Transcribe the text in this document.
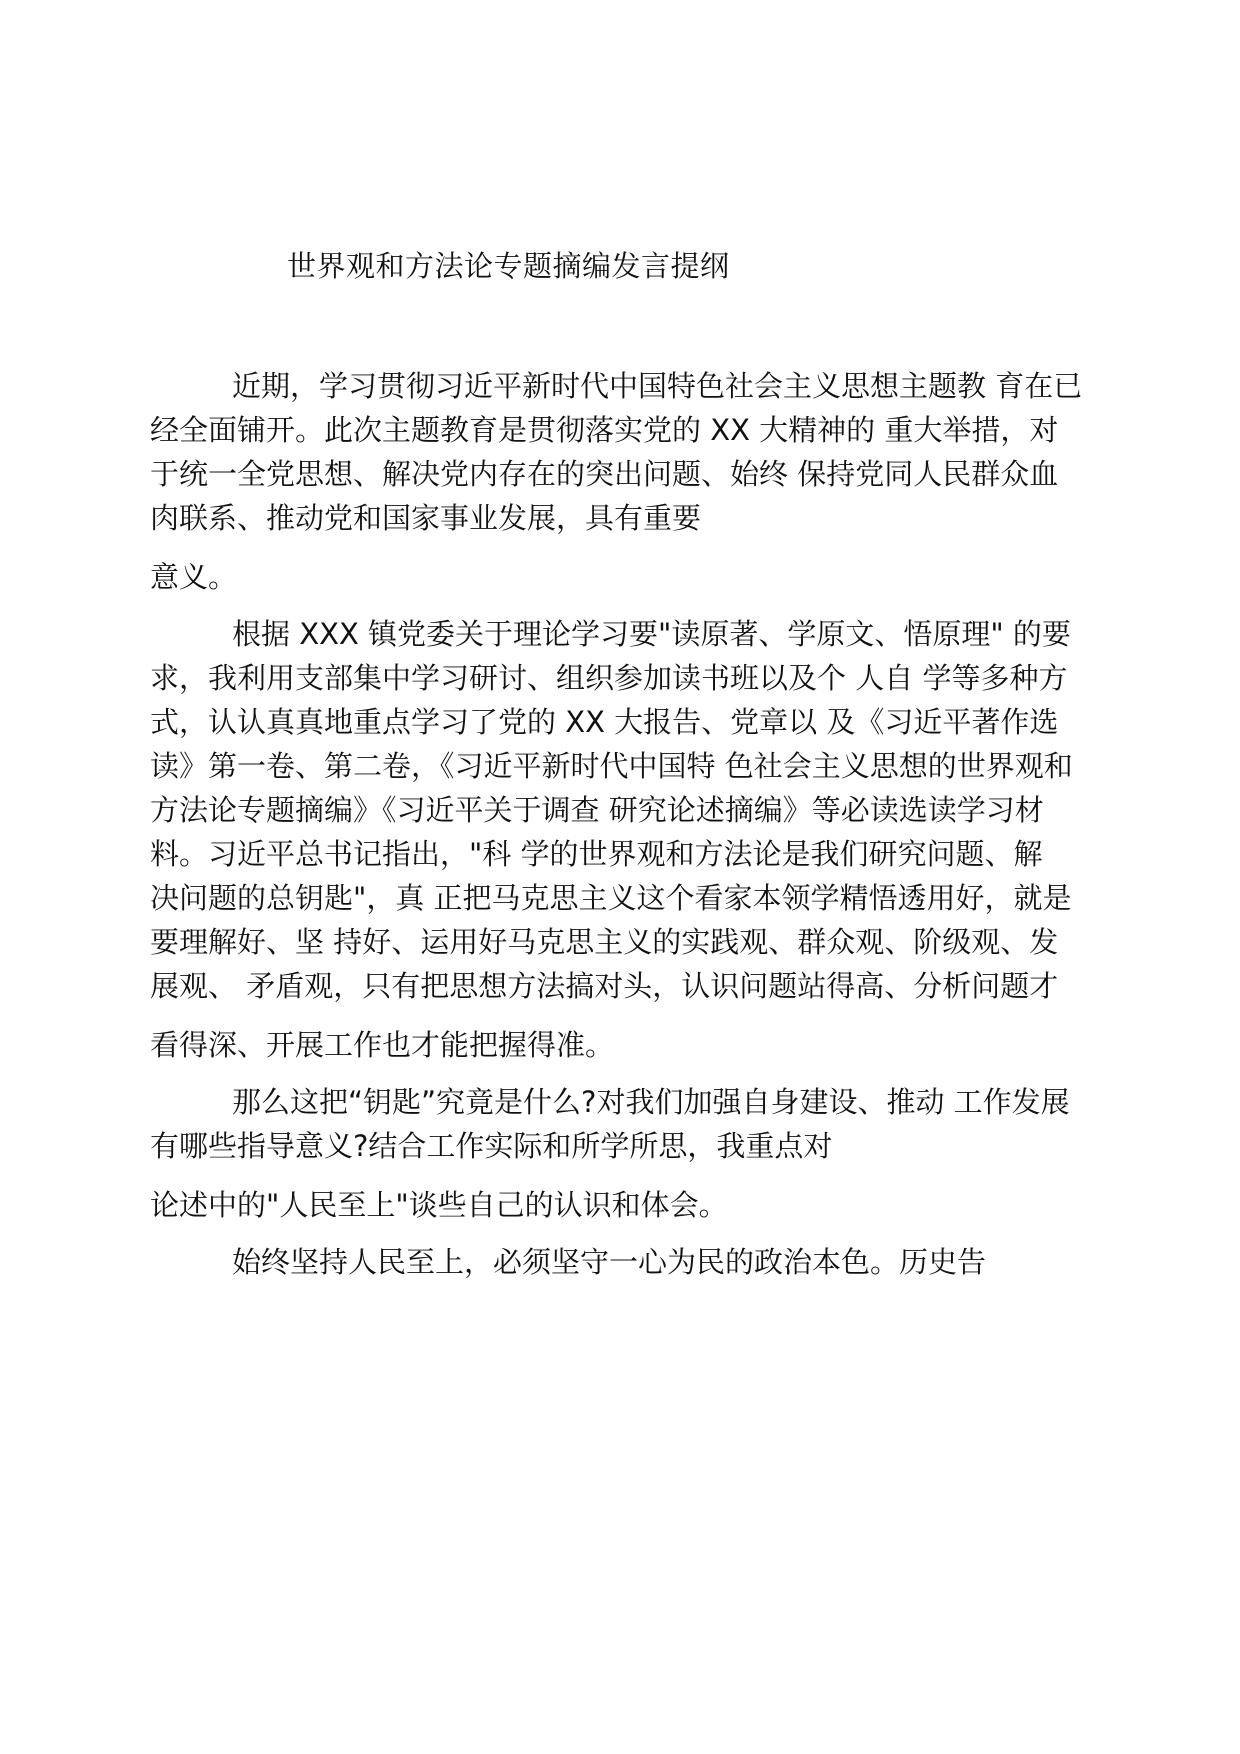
世界观和方法论专题摘编发言提纲
近期，学习贯彻习近平新时代中国特色社会主义思想主题教 育在已
经全面铺开。此次主题教育是贯彻落实党的 XX 大精神的 重大举措，对
于统一全党思想、解决党内存在的突出问题、始终 保持党同人民群众血
肉联系、推动党和国家事业发展，具有重要
意义。
根据 XXX 镇党委关于理论学习要"读原著、学原文、悟原理" 的要
求，我利用支部集中学习研讨、组织参加读书班以及个 人自 学等多种方
式，认认真真地重点学习了党的 XX 大报告、党章以 及《习近平著作选
读》第一卷、第二卷，《习近平新时代中国特 色社会主义思想的世界观和
方法论专题摘编》《习近平关于调查 研究论述摘编》等必读选读学习材
料。习近平总书记指出，"科 学的世界观和方法论是我们研究问题、解
决问题的总钥匙"，真 正把马克思主义这个看家本领学精悟透用好，就是
要理解好、坚 持好、运用好马克思主义的实践观、群众观、阶级观、发
展观、 矛盾观，只有把思想方法搞对头，认识问题站得高、分析问题才
看得深、开展工作也才能把握得准。
那么这把“钥匙”究竟是什么?对我们加强自身建设、推动 工作发展
有哪些指导意义?结合工作实际和所学所思，我重点对
论述中的"人民至上"谈些自己的认识和体会。
始终坚持人民至上，必须坚守一心为民的政治本色。历史告
